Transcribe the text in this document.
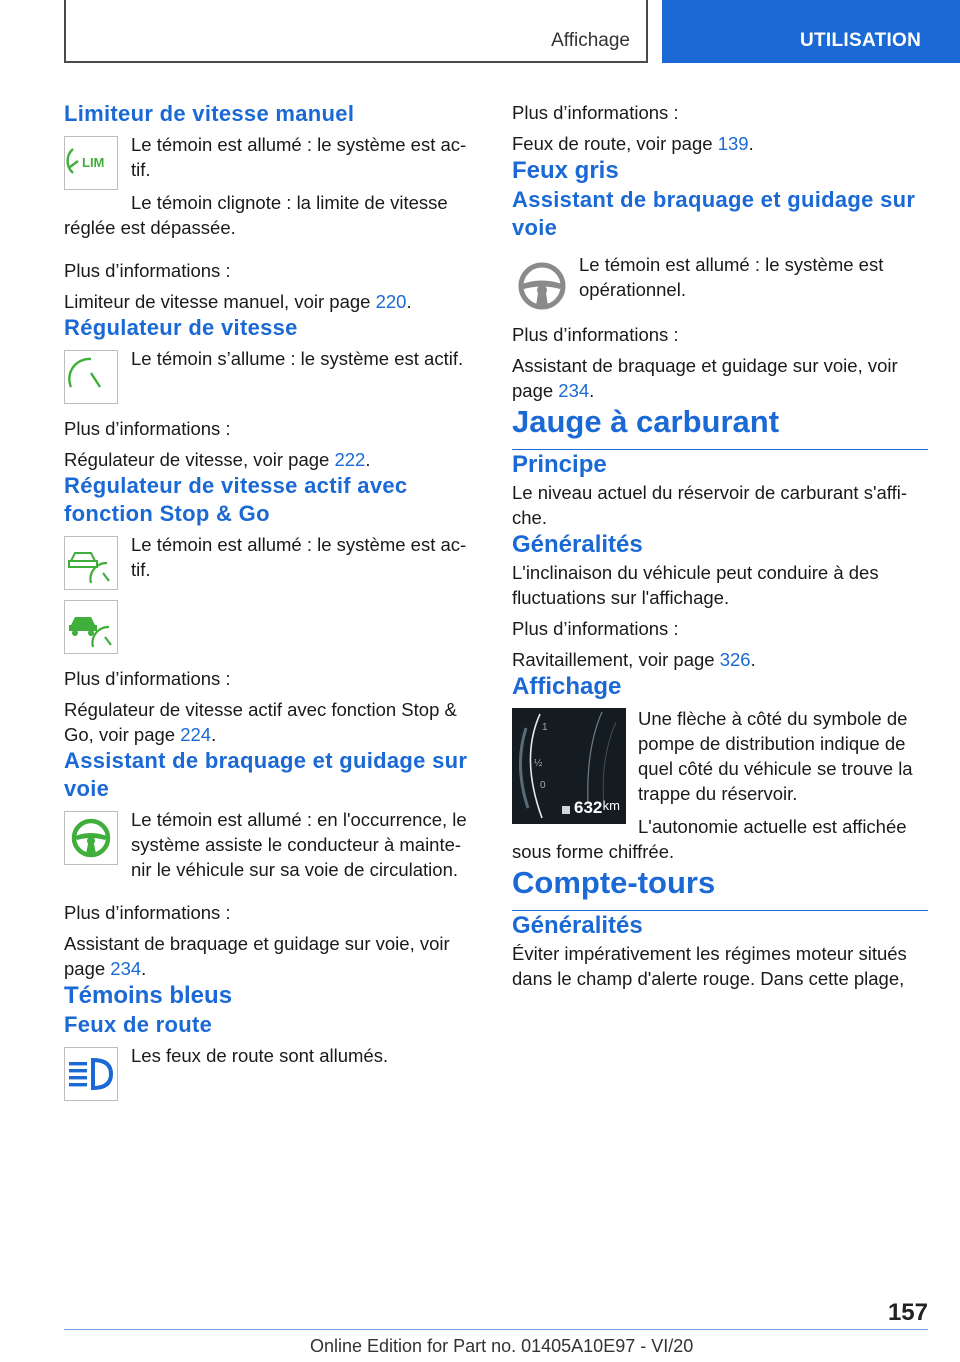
Affichage	UTILISATION
Limiteur de vitesse manuel
LIM

Le témoin est allumé : le système est ac-tif.

Le témoin clignote : la limite de vitesse

réglée est dépassée.

Plus d’informations :

Limiteur de vitesse manuel, voir page 220.

Régulateur de vitesse

Le témoin s’allume : le système est actif.

Plus d’informations :

Régulateur de vitesse, voir page 222.

Régulateur de vitesse actif avec fonction Stop & Go

Le témoin est allumé : le système est ac-tif.

Plus d’informations :

Régulateur de vitesse actif avec fonction Stop & Go, voir page 224.

Assistant de braquage et guidage sur voie

Le témoin est allumé : en l'occurrence, le système assiste le conducteur à mainte-nir le véhicule sur sa voie de circulation.

Plus d’informations :

Assistant de braquage et guidage sur voie, voir page 234.

Témoins bleus
Feux de route

Les feux de route sont allumés.

Plus d’informations :

Feux de route, voir page 139.

Feux gris
Assistant de braquage et guidage sur voie

Le témoin est allumé : le système est opérationnel.

Plus d’informations :

Assistant de braquage et guidage sur voie, voir page 234.

Jauge à carburant
Principe

Le niveau actuel du réservoir de carburant s'affi-che.

Généralités

L'inclinaison du véhicule peut conduire à des fluctuations sur l'affichage.

Plus d’informations :

Ravitaillement, voir page 326.

Affichage
1
½
0
632 km

Une flèche à côté du symbole de pompe de distribution indique de quel côté du véhicule se trouve la trappe du réservoir.

L'autonomie actuelle est affichée

sous forme chiffrée.

Compte-tours
Généralités

Éviter impérativement les régimes moteur situés dans le champ d'alerte rouge. Dans cette plage,

157
Online Edition for Part no. 01405A10E97 - VI/20
